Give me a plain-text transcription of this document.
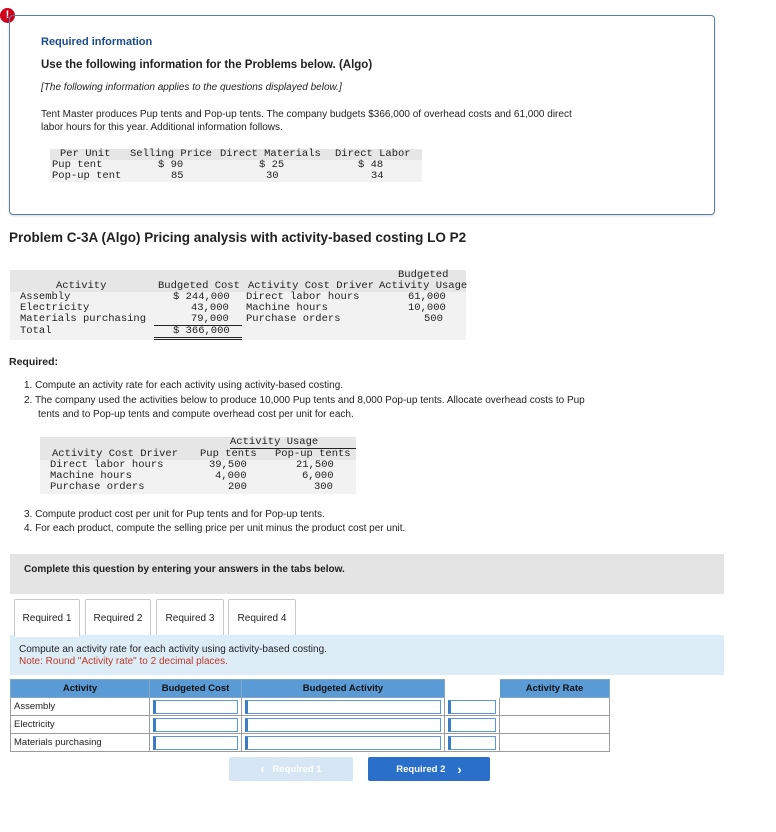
!
Required information
Use the following information for the Problems below. (Algo)
[The following information applies to the questions displayed below.]
Tent Master produces Pup tents and Pop-up tents. The company budgets $366,000 of overhead costs and 61,000 direct
labor hours for this year. Additional information follows.
Per Unit Selling Price Direct Materials Direct Labor
Pup tent	$ 90	$ 25	$ 48
Pop-up tent	85	30	34
Problem C-3A (Algo) Pricing analysis with activity-based costing LO P2
Budgeted
Activity	Budgeted Cost Activity Cost Driver Activity Usage
Assembly	$ 244,000 Direct labor hours	61,000
Electricity	43,000 Machine hours	10,000
Materials purchasing	79,000 Purchase orders	500
Total	$ 366,000
Required:
1. Compute an activity rate for each activity using activity-based costing.
2. The company used the activities below to produce 10,000 Pup tents and 8,000 Pop-up tents. Allocate overhead costs to Pup
tents and to Pop-up tents and compute overhead cost per unit for each.
Activity Usage
Activity Cost Driver Pup tents Pop-up tents
Direct labor hours	39,500	21,500
Machine hours	4,000	6,000
Purchase orders	200	300
3. Compute product cost per unit for Pup tents and for Pop-up tents.
4. For each product, compute the selling price per unit minus the product cost per unit.
Complete this question by entering your answers in the tabs below.
Required 1	Required 2	Required 3	Required 4
Compute an activity rate for each activity using activity-based costing.
Note: Round "Activity rate" to 2 decimal places.
Activity	Budgeted Cost	Budgeted Activity		Activity Rate
Assembly	

Electricity	

Materials purchasing	

‹ Required 1	Required 2 ›
